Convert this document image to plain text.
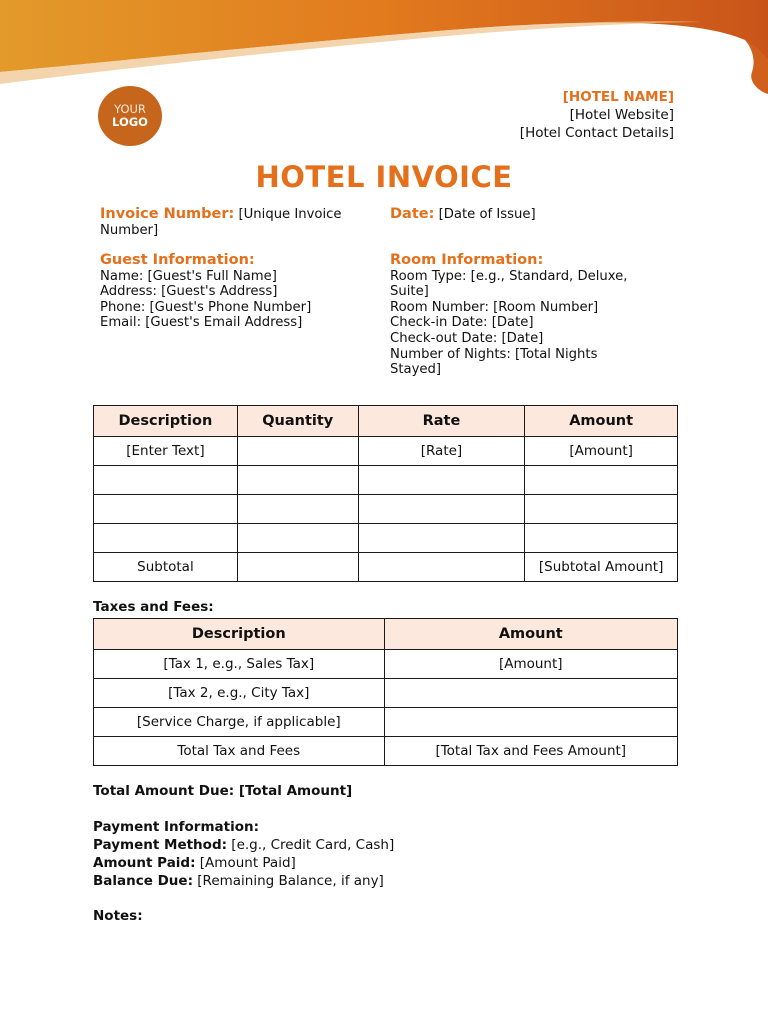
YOUR
LOGO
[HOTEL NAME]
[Hotel Website]
[Hotel Contact Details]
HOTEL INVOICE
Invoice Number: [Unique Invoice
Number]
Date: [Date of Issue]
Guest Information:
Name: [Guest's Full Name]
Address: [Guest's Address]
Phone: [Guest's Phone Number]
Email: [Guest's Email Address]
Room Information:
Room Type: [e.g., Standard, Deluxe,
Suite]
Room Number: [Room Number]
Check-in Date: [Date]
Check-out Date: [Date]
Number of Nights: [Total Nights
Stayed]
Description	Quantity	Rate	Amount
[Enter Text]		[Rate]	[Amount]

Subtotal			[Subtotal Amount]
Taxes and Fees:
Description	Amount
[Tax 1, e.g., Sales Tax]	[Amount]
[Tax 2, e.g., City Tax]	
[Service Charge, if applicable]	
Total Tax and Fees	[Total Tax and Fees Amount]
Total Amount Due: [Total Amount]
Payment Information:
Payment Method: [e.g., Credit Card, Cash]
Amount Paid: [Amount Paid]
Balance Due: [Remaining Balance, if any]
Notes:
